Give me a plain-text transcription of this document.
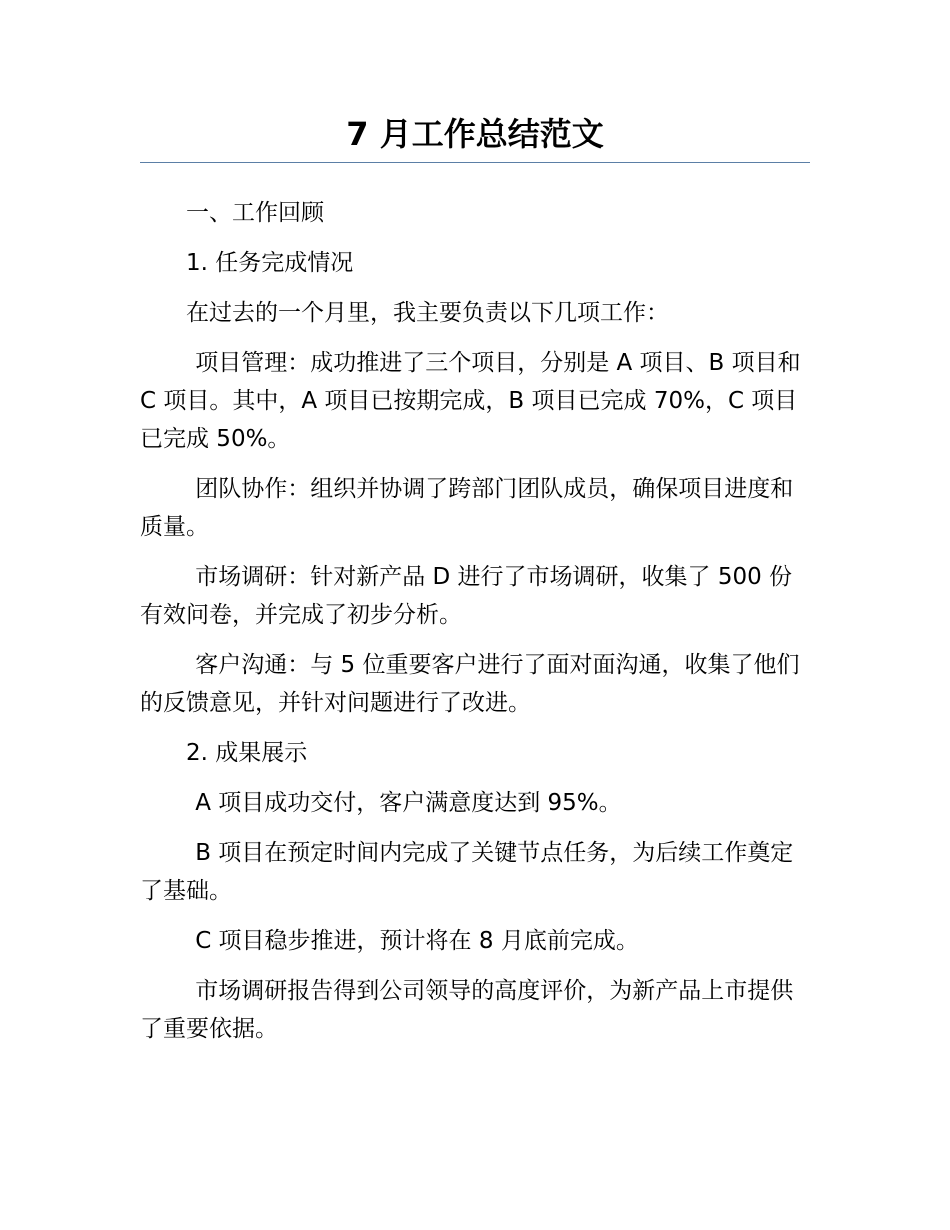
7 月工作总结范文

一、工作回顾

1. 任务完成情况

在过去的一个月里，我主要负责以下几项工作：

项目管理：成功推进了三个项目，分别是 A 项目、B 项目和 C 项目。其中，A 项目已按期完成，B 项目已完成 70%，C 项目已完成 50%。

团队协作：组织并协调了跨部门团队成员，确保项目进度和质量。

市场调研：针对新产品 D 进行了市场调研，收集了 500 份有效问卷，并完成了初步分析。

客户沟通：与 5 位重要客户进行了面对面沟通，收集了他们的反馈意见，并针对问题进行了改进。

2. 成果展示

A 项目成功交付，客户满意度达到 95%。

B 项目在预定时间内完成了关键节点任务，为后续工作奠定了基础。

C 项目稳步推进，预计将在 8 月底前完成。

市场调研报告得到公司领导的高度评价，为新产品上市提供了重要依据。
